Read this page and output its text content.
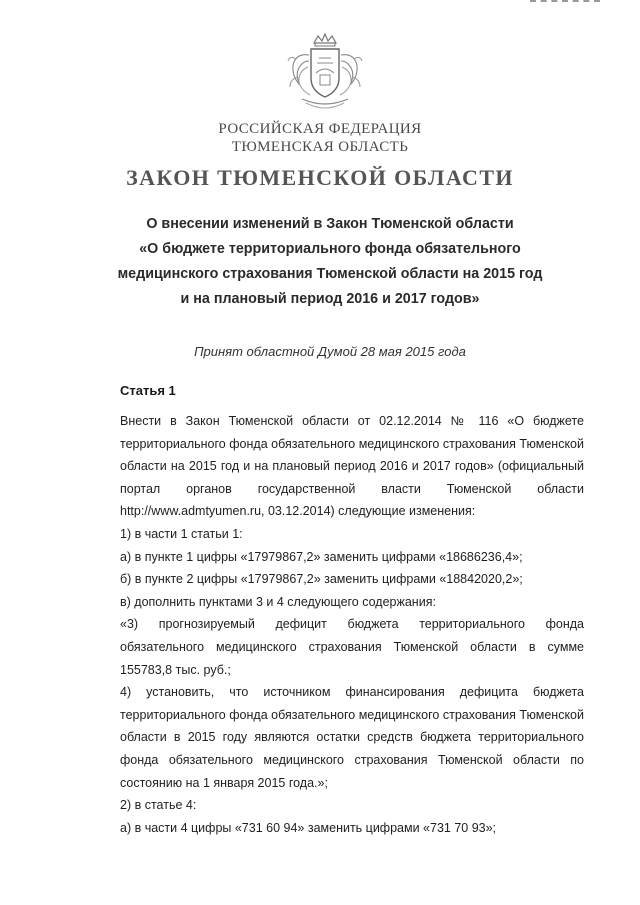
РОССИЙСКАЯ ФЕДЕРАЦИЯ
ТЮМЕНСКАЯ ОБЛАСТЬ
ЗАКОН ТЮМЕНСКОЙ ОБЛАСТИ
О внесении изменений в Закон Тюменской области
«О бюджете территориального фонда обязательного
медицинского страхования Тюменской области на 2015 год
и на плановый период 2016 и 2017 годов»
Принят областной Думой 28 мая 2015 года
Статья 1

Внести в Закон Тюменской области от 02.12.2014 № 116 «О бюджете территориального фонда обязательного медицинского страхования Тюменской области на 2015 год и на плановый период 2016 и 2017 годов» (официальный портал органов государственной власти Тюменской области http://www.admtyumen.ru, 03.12.2014) следующие изменения:

1) в части 1 статьи 1:

а) в пункте 1 цифры «17979867,2» заменить цифрами «18686236,4»;

б) в пункте 2 цифры «17979867,2» заменить цифрами «18842020,2»;

в) дополнить пунктами 3 и 4 следующего содержания:

«3) прогнозируемый дефицит бюджета территориального фонда обязательного медицинского страхования Тюменской области в сумме 155783,8 тыс. руб.;

4) установить, что источником финансирования дефицита бюджета территориального фонда обязательного медицинского страхования Тюменской области в 2015 году являются остатки средств бюджета территориального фонда обязательного медицинского страхования Тюменской области по состоянию на 1 января 2015 года.»;

2) в статье 4:

а) в части 4 цифры «731 60 94» заменить цифрами «731 70 93»;
